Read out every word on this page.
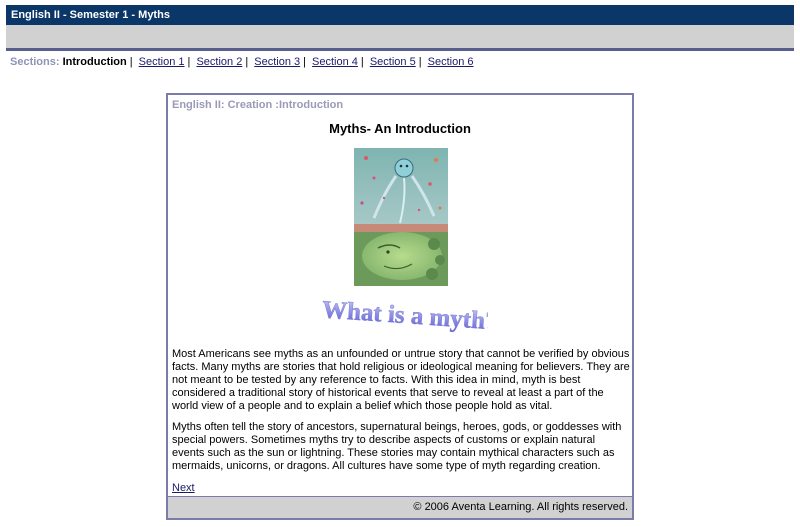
English II - Semester 1 - Myths
Sections: Introduction | Section 1 | Section 2 | Section 3 | Section 4 | Section 5 | Section 6
English II: Creation :Introduction
Myths- An Introduction
What is a myth?
Most Americans see myths as an unfounded or untrue story that cannot be verified by obvious facts. Many myths are stories that hold religious or ideological meaning for believers. They are not meant to be tested by any reference to facts. With this idea in mind, myth is best considered a traditional story of historical events that serve to reveal at least a part of the world view of a people and to explain a belief which those people hold as vital.
Myths often tell the story of ancestors, supernatural beings, heroes, gods, or goddesses with special powers. Sometimes myths try to describe aspects of customs or explain natural events such as the sun or lightning. These stories may contain mythical characters such as mermaids, unicorns, or dragons. All cultures have some type of myth regarding creation.
Next
© 2006 Aventa Learning. All rights reserved.
